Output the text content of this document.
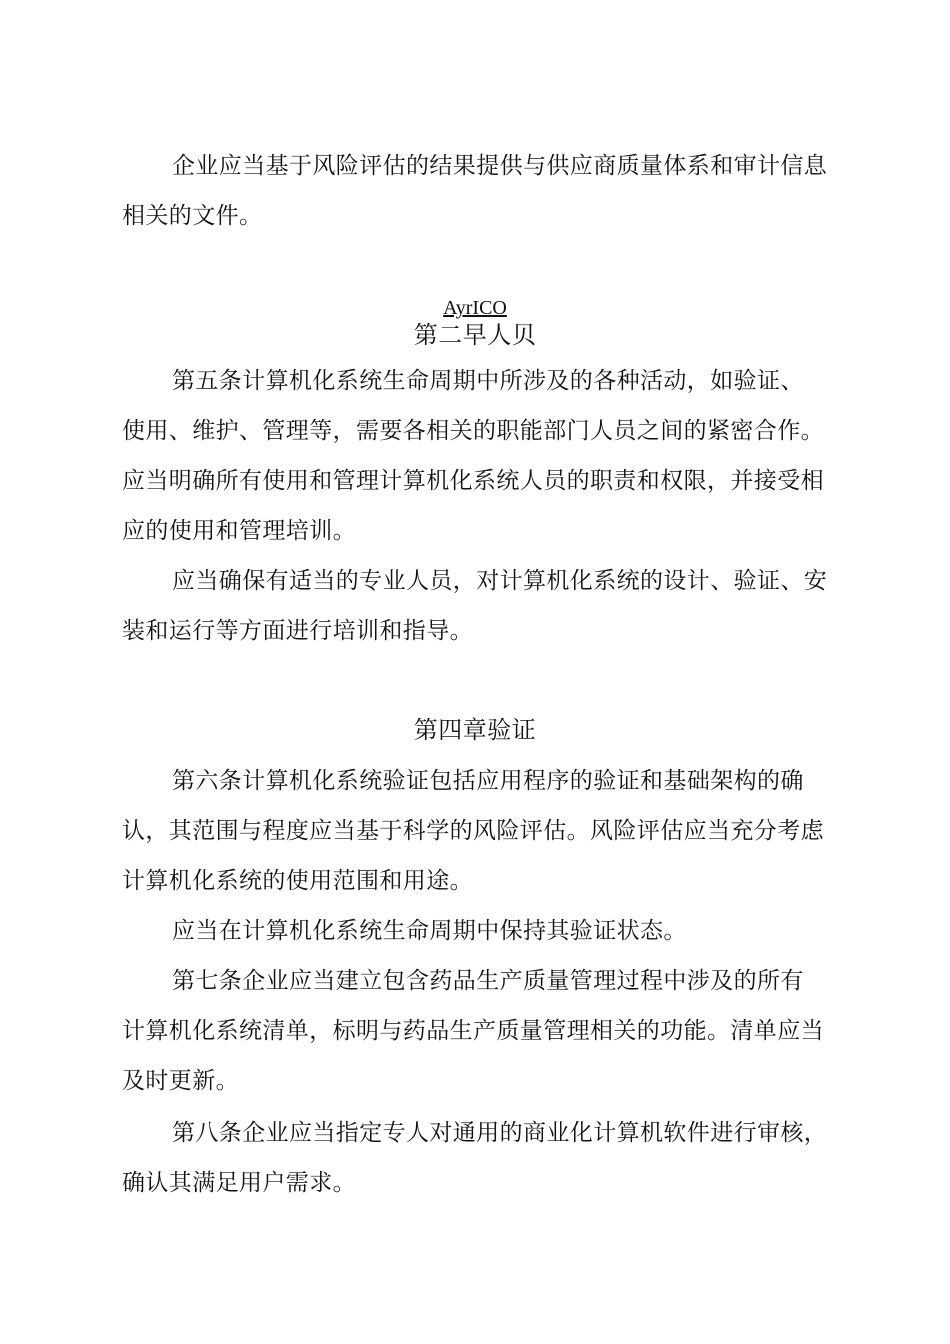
企业应当基于风险评估的结果提供与供应商质量体系和审计信息
相关的文件。
AyrICO
第二早人贝
第五条计算机化系统生命周期中所涉及的各种活动，如验证、
使用、维护、管理等，需要各相关的职能部门人员之间的紧密合作。
应当明确所有使用和管理计算机化系统人员的职责和权限，并接受相
应的使用和管理培训。
应当确保有适当的专业人员，对计算机化系统的设计、验证、安
装和运行等方面进行培训和指导。
第四章验证
第六条计算机化系统验证包括应用程序的验证和基础架构的确
认，其范围与程度应当基于科学的风险评估。风险评估应当充分考虑
计算机化系统的使用范围和用途。
应当在计算机化系统生命周期中保持其验证状态。
第七条企业应当建立包含药品生产质量管理过程中涉及的所有
计算机化系统清单，标明与药品生产质量管理相关的功能。清单应当
及时更新。
第八条企业应当指定专人对通用的商业化计算机软件进行审核，
确认其满足用户需求。
